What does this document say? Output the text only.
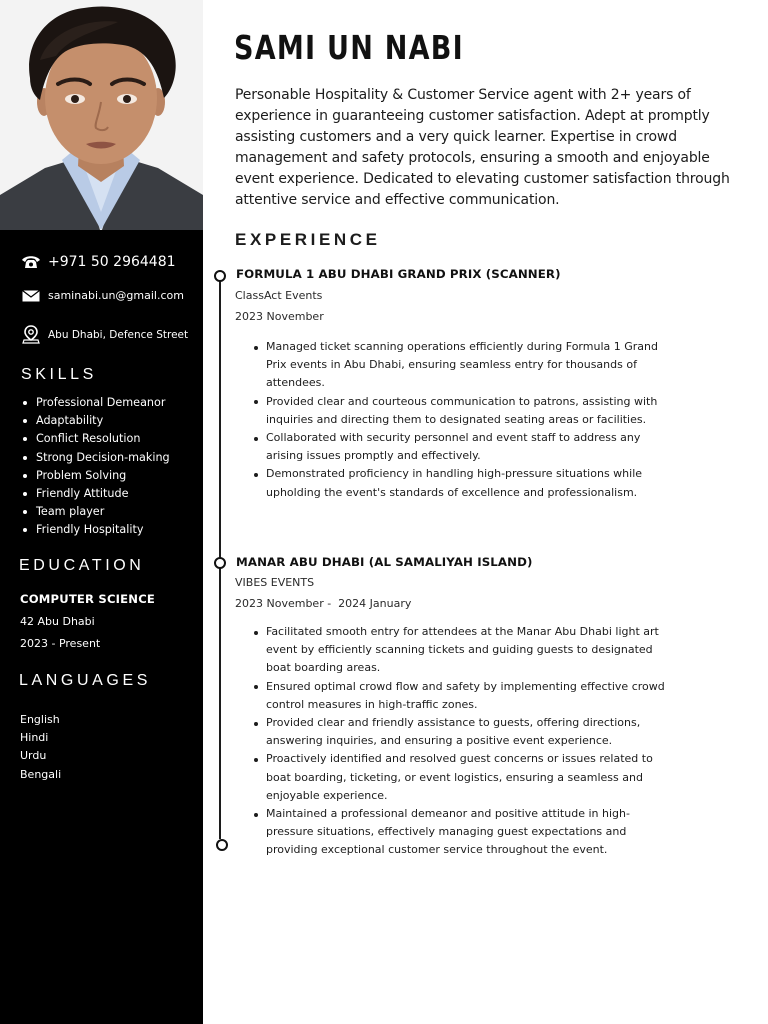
+971 50 2964481
saminabi.un@gmail.com
Abu Dhabi, Defence Street
SKILLS
Professional Demeanor
Adaptability
Conflict Resolution
Strong Decision-making
Problem Solving
Friendly Attitude
Team player
Friendly Hospitality
EDUCATION
COMPUTER SCIENCE
42 Abu Dhabi
2023 - Present
LANGUAGES
English
Hindi
Urdu
Bengali
SAMI UN NABI

Personable Hospitality & Customer Service agent with 2+ years of experience in guaranteeing customer satisfaction. Adept at promptly assisting customers and a very quick learner. Expertise in crowd management and safety protocols, ensuring a smooth and enjoyable event experience. Dedicated to elevating customer satisfaction through attentive service and effective communication.

EXPERIENCE
FORMULA 1 ABU DHABI GRAND PRIX (SCANNER)
ClassAct Events
2023 November
Managed ticket scanning operations efficiently during Formula 1 Grand Prix events in Abu Dhabi, ensuring seamless entry for thousands of attendees.
Provided clear and courteous communication to patrons, assisting with inquiries and directing them to designated seating areas or facilities.
Collaborated with security personnel and event staff to address any arising issues promptly and effectively.
Demonstrated proficiency in handling high-pressure situations while upholding the event's standards of excellence and professionalism.
MANAR ABU DHABI (AL SAMALIYAH ISLAND)
VIBES EVENTS
2023 November -  2024 January
Facilitated smooth entry for attendees at the Manar Abu Dhabi light art event by efficiently scanning tickets and guiding guests to designated boat boarding areas.
Ensured optimal crowd flow and safety by implementing effective crowd control measures in high-traffic zones.
Provided clear and friendly assistance to guests, offering directions, answering inquiries, and ensuring a positive event experience.
Proactively identified and resolved guest concerns or issues related to boat boarding, ticketing, or event logistics, ensuring a seamless and enjoyable experience.
Maintained a professional demeanor and positive attitude in high-pressure situations, effectively managing guest expectations and providing exceptional customer service throughout the event.
